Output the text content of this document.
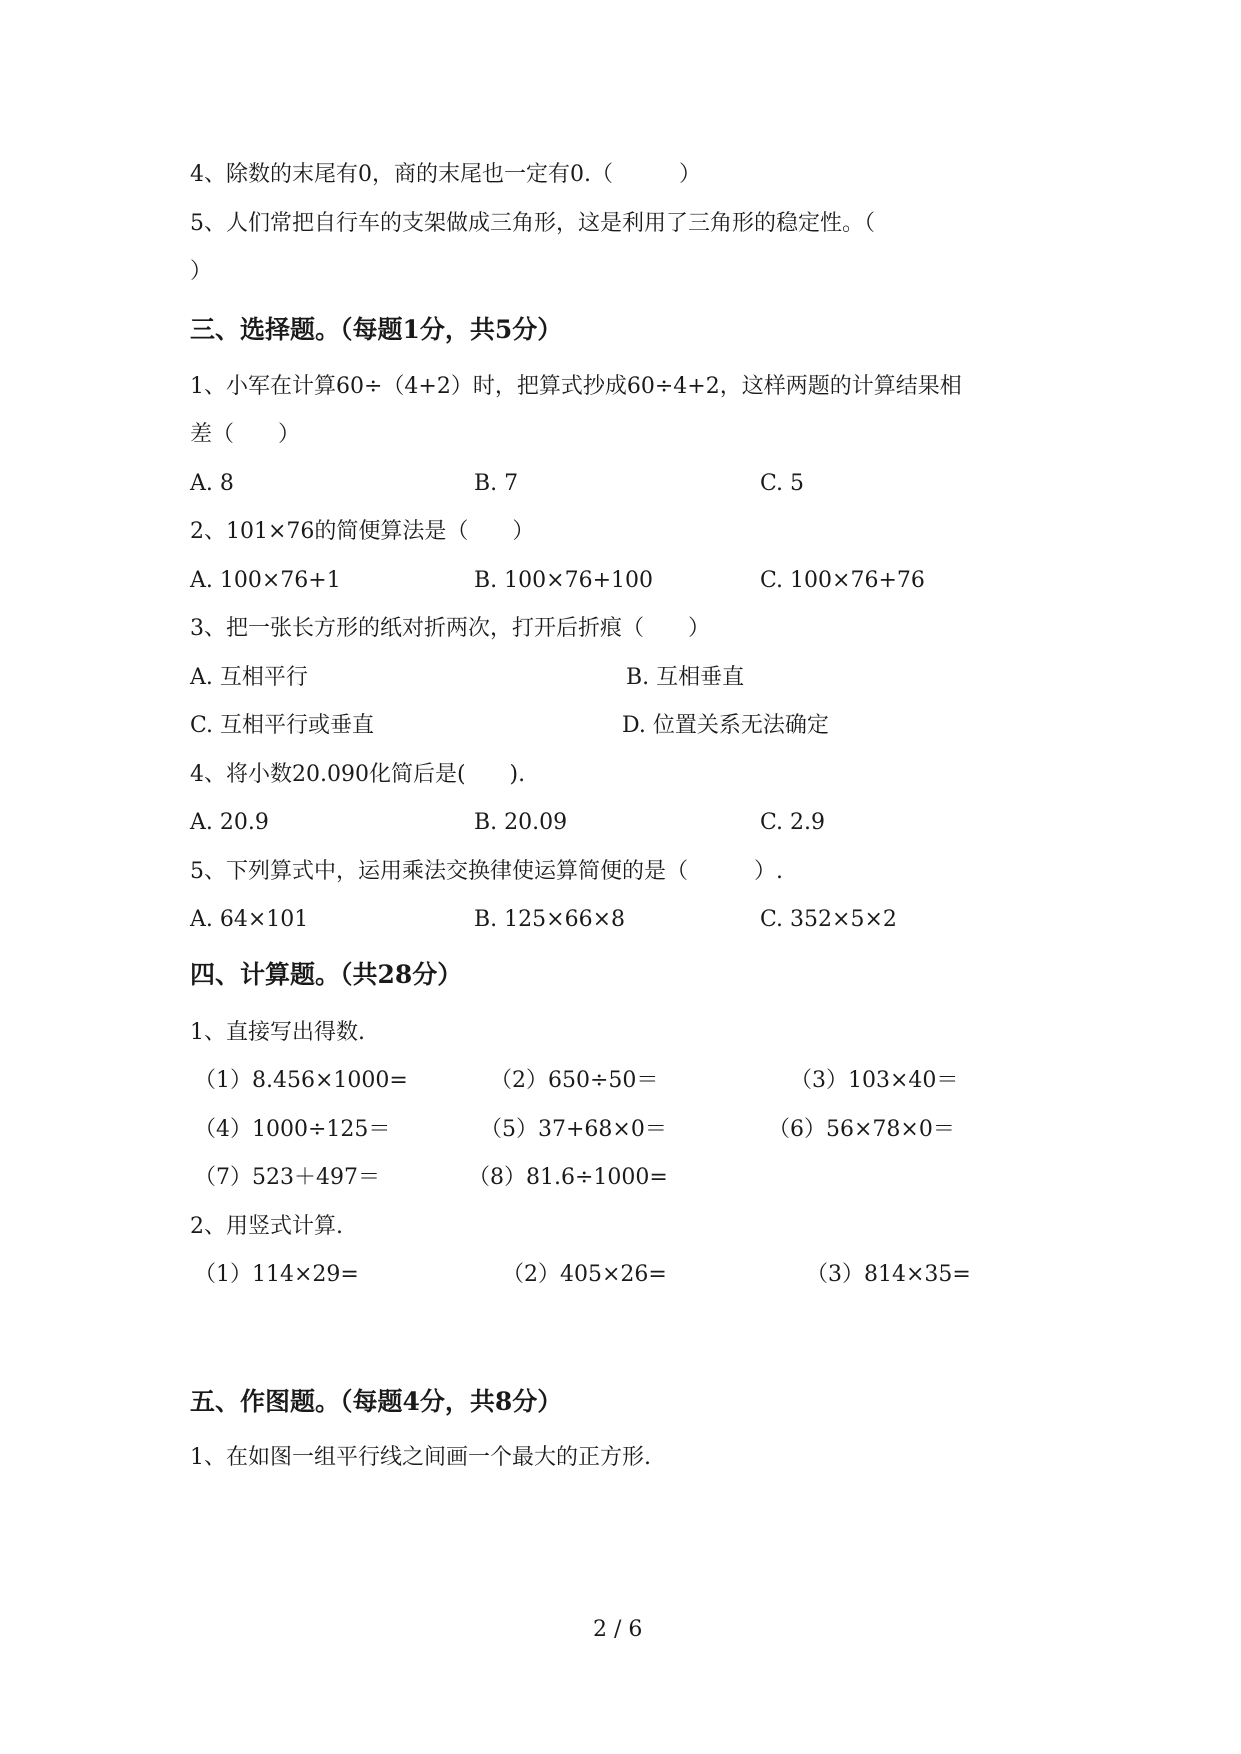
4、除数的末尾有0，商的末尾也一定有0.（　　　）
5、人们常把自行车的支架做成三角形，这是利用了三角形的稳定性。（
）
三、选择题。（每题1分，共5分）
1、小军在计算60÷（4+2）时，把算式抄成60÷4+2，这样两题的计算结果相
差（　　）
A. 8	B. 7	C. 5
2、101×76的简便算法是（　　）
A. 100×76+1	B. 100×76+100	C. 100×76+76
3、把一张长方形的纸对折两次，打开后折痕（　　）
A. 互相平行	B. 互相垂直
C. 互相平行或垂直	D. 位置关系无法确定
4、将小数20.090化简后是(　　).
A. 20.9	B. 20.09	C. 2.9
5、下列算式中，运用乘法交换律使运算简便的是（　　　）.
A. 64×101	B. 125×66×8	C. 352×5×2
四、计算题。（共28分）
1、直接写出得数.
（1）8.456×1000=	（2）650÷50＝	（3）103×40＝
（4）1000÷125＝	（5）37+68×0＝	（6）56×78×0＝
（7）523＋497＝	（8）81.6÷1000=
2、用竖式计算.
（1）114×29=	（2）405×26=	（3）814×35=
五、作图题。（每题4分，共8分）
1、在如图一组平行线之间画一个最大的正方形.
2 / 6
